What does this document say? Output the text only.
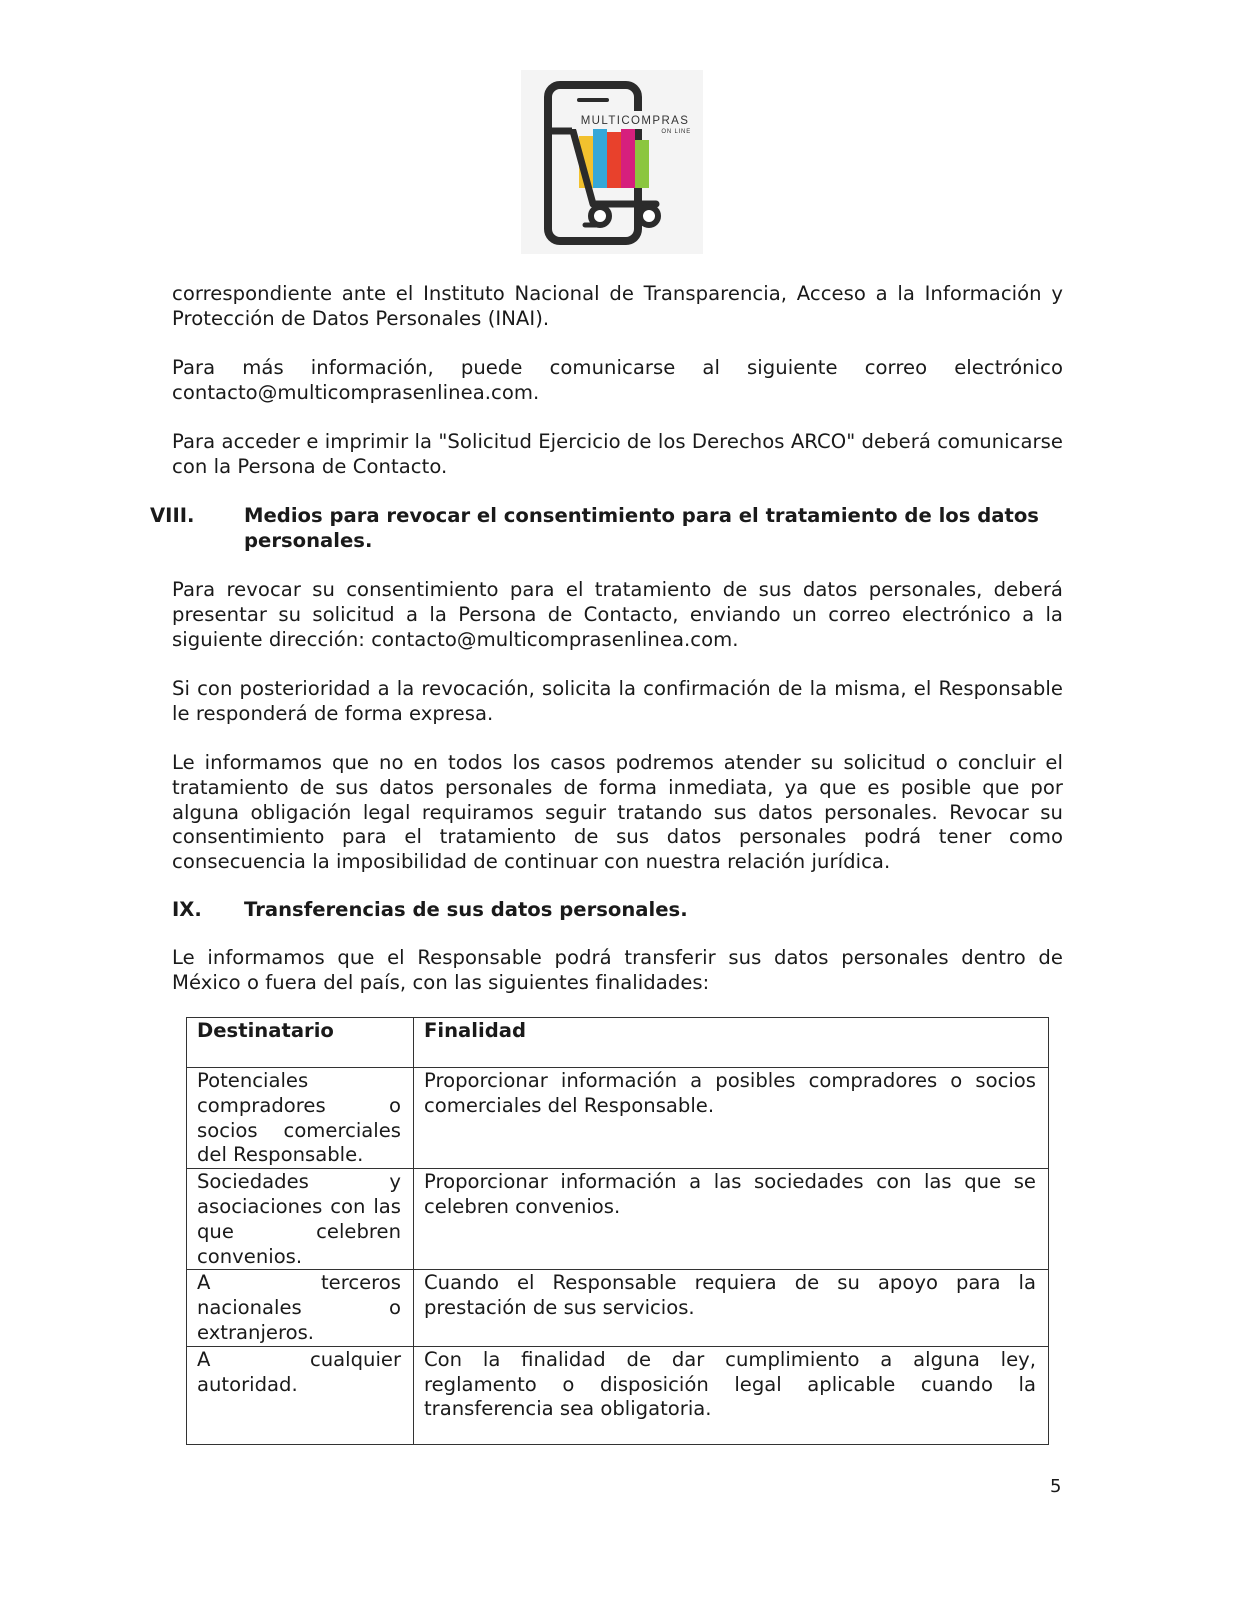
MULTICOMPRAS
ON LINE

correspondiente ante el Instituto Nacional de Transparencia, Acceso a la Información y Protección de Datos Personales (INAI).

Para más información, puede comunicarse al siguiente correo electrónico contacto@multicomprasenlinea.com.

Para acceder e imprimir la "Solicitud Ejercicio de los Derechos ARCO" deberá comunicarse con la Persona de Contacto.

VIII.	Medios para revocar el consentimiento para el tratamiento de los datos personales.

Para revocar su consentimiento para el tratamiento de sus datos personales, deberá presentar su solicitud a la Persona de Contacto, enviando un correo electrónico a la siguiente dirección: contacto@multicomprasenlinea.com.

Si con posterioridad a la revocación, solicita la confirmación de la misma, el Responsable le responderá de forma expresa.

Le informamos que no en todos los casos podremos atender su solicitud o concluir el tratamiento de sus datos personales de forma inmediata, ya que es posible que por alguna obligación legal requiramos seguir tratando sus datos personales. Revocar su consentimiento para el tratamiento de sus datos personales podrá tener como consecuencia la imposibilidad de continuar con nuestra relación jurídica.

IX.	Transferencias de sus datos personales.

Le informamos que el Responsable podrá transferir sus datos personales dentro de México o fuera del país, con las siguientes finalidades:

Destinatario	Finalidad

Potenciales compradores o socios comerciales del Responsable.	Proporcionar información a posibles compradores o socios comerciales del Responsable.

Sociedades y asociaciones con las que celebren convenios.	Proporcionar información a las sociedades con las que se celebren convenios.

A terceros nacionales o extranjeros.	Cuando el Responsable requiera de su apoyo para la prestación de sus servicios.

A cualquier autoridad.	Con la finalidad de dar cumplimiento a alguna ley, reglamento o disposición legal aplicable cuando la transferencia sea obligatoria.

5
